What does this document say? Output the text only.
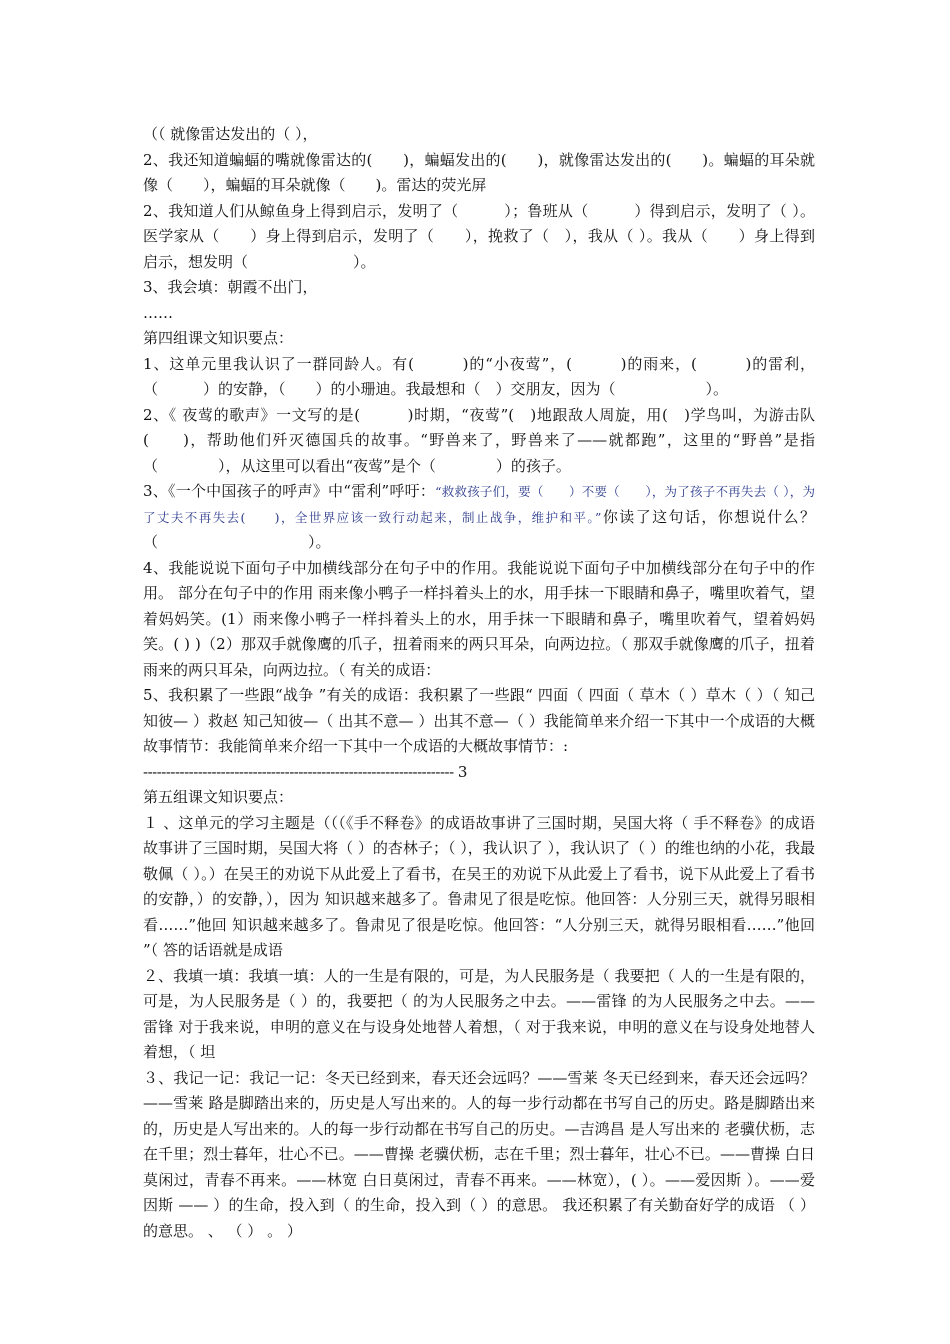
（（ 就像雷达发出的（ ），

2、我还知道蝙蝠的嘴就像雷达的(　　)，蝙蝠发出的(　　)，就像雷达发出的(　　)。蝙蝠的耳朵就像（　　），蝙蝠的耳朵就像（　　)。雷达的荧光屏

2、我知道人们从鲸鱼身上得到启示，发明了（　　　）；鲁班从（　　　）得到启示，发明了（ ）。医学家从（　　）身上得到启示，发明了（　　），挽救了（　），我从（ ）。我从（　　）身上得到启示，想发明（　　　　　　　）。

3、我会填：朝霞不出门，

……

第四组课文知识要点：

1、这单元里我认识了一群同龄人。有(　　　)的“小夜莺”，(　　　)的雨来，(　　　)的雷利，（　　　）的安静，（　　）的小珊迪。我最想和（　）交朋友，因为（　　　　　　）。

2、《 夜莺的歌声》一文写的是(　　　)时期，“夜莺”(　)地跟敌人周旋，用(　)学鸟叫，为游击队(　　)，帮助他们歼灭德国兵的故事。“野兽来了，野兽来了——就都跑”，这里的“野兽”是指（　　　　），从这里可以看出“夜莺”是个（　　　　）的孩子。

3、《一个中国孩子的呼声》中“雷利”呼吁：“救救孩子们，要（　　）不要（　　），为了孩子不再失去（ ），为了丈夫不再失去(　　)，全世界应该一致行动起来，制止战争，维护和平。”你读了这句话，你想说什么？（　　　　　　　　　　）。

4、我能说说下面句子中加横线部分在句子中的作用。我能说说下面句子中加横线部分在句子中的作用。 部分在句子中的作用 雨来像小鸭子一样抖着头上的水，用手抹一下眼睛和鼻子，嘴里吹着气，望着妈妈笑。(1）雨来像小鸭子一样抖着头上的水，用手抹一下眼睛和鼻子，嘴里吹着气，望着妈妈笑。( ) )（2）那双手就像鹰的爪子，扭着雨来的两只耳朵，向两边拉。（ 那双手就像鹰的爪子，扭着雨来的两只耳朵，向两边拉。（ 有关的成语：

5、我积累了一些跟“战争 ”有关的成语：我积累了一些跟“ 四面（ 四面（ 草木（ ）草木（ ）（ 知己知彼— ）救赵 知己知彼—（ 出其不意— ）出其不意—（ ）我能简单来介绍一下其中一个成语的大概故事情节：我能简单来介绍一下其中一个成语的大概故事情节：:

-------------------------------------------------------------------- 3

第五组课文知识要点：

１ 、这单元的学习主题是（（（《手不释卷》的成语故事讲了三国时期，吴国大将（ 手不释卷》的成语故事讲了三国时期，吴国大将（ ）的杏林子；（ ），我认识了 ），我认识了（ ）的维也纳的小花，我最敬佩（ ）。）在吴王的劝说下从此爱上了看书，在吴王的劝说下从此爱上了看书，说下从此爱上了看书 的安静，）的安静，），因为 知识越来越多了。鲁肃见了很是吃惊。他回答：人分别三天，就得另眼相看……”他回 知识越来越多了。鲁肃见了很是吃惊。他回答：“人分别三天，就得另眼相看……”他回 ”（ 答的话语就是成语

２、我填一填：我填一填：人的一生是有限的，可是，为人民服务是（ 我要把（ 人的一生是有限的，可是，为人民服务是（ ）的，我要把（ 的为人民服务之中去。——雷锋 的为人民服务之中去。——雷锋 对于我来说，申明的意义在与设身处地替人着想，（ 对于我来说，申明的意义在与设身处地替人着想，（ 坦

３、我记一记：我记一记：冬天已经到来，春天还会远吗？——雪莱 冬天已经到来，春天还会远吗？——雪莱 路是脚踏出来的，历史是人写出来的。人的每一步行动都在书写自己的历史。路是脚踏出来的，历史是人写出来的。人的每一步行动都在书写自己的历史。—吉鸿昌 是人写出来的 老骥伏枥，志在千里；烈士暮年，壮心不已。——曹操 老骥伏枥，志在千里；烈士暮年，壮心不已。——曹操 白日莫闲过，青春不再来。——林宽 白日莫闲过，青春不再来。——林宽），( ）。——爱因斯 ）。——爱因斯 —— ）的生命，投入到（ 的生命，投入到（ ）的意思。 我还积累了有关勤奋好学的成语 （ ） 的意思。 、 （ ） 。 ）
